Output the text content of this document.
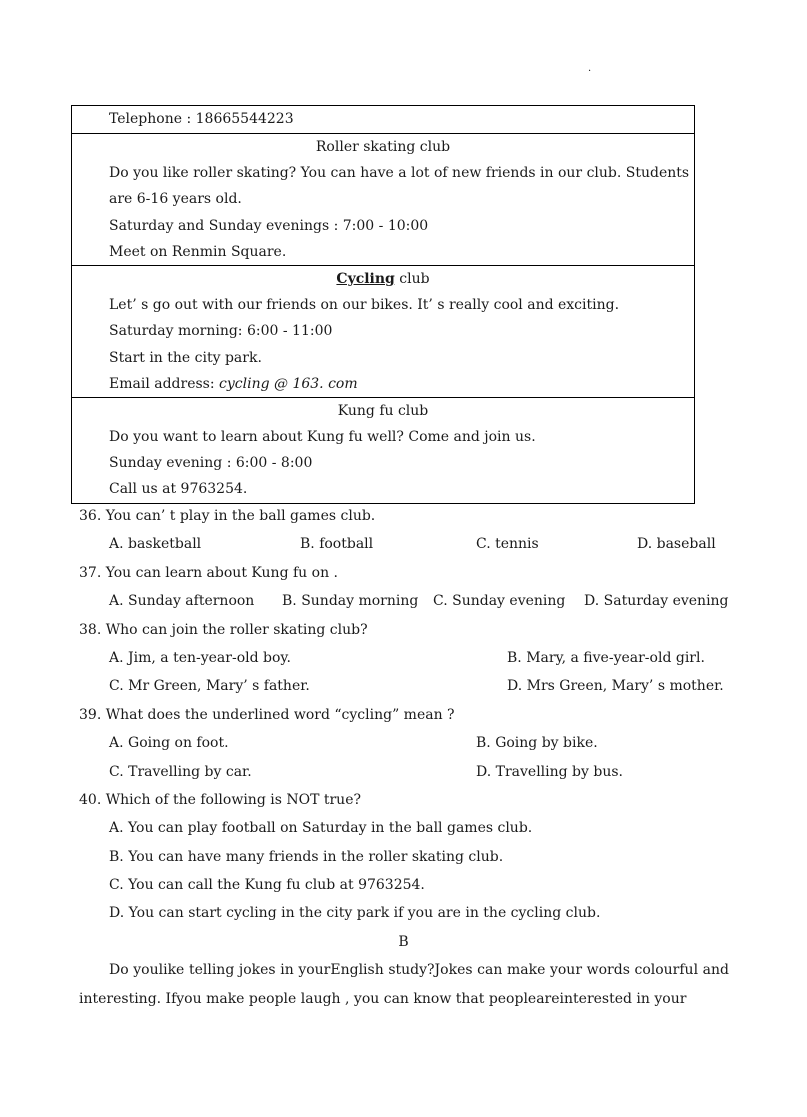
·
Telephone : 18665544223
Roller skating club
Do you like roller skating? You can have a lot of new friends in our club. Students
are 6-16 years old.
Saturday and Sunday evenings : 7:00 - 10:00
Meet on Renmin Square.
Cycling club
Let’ s go out with our friends on our bikes. It’ s really cool and exciting.
Saturday morning: 6:00 - 11:00
Start in the city park.
Email address: cycling @ 163. com
Kung fu club
Do you want to learn about Kung fu well? Come and join us.
Sunday evening : 6:00 - 8:00
Call us at 9763254.
36. You can’ t play in the ball games club.
A. basketball	B. football	C. tennis	D. baseball
37. You can learn about Kung fu on .
A. Sunday afternoon B. Sunday morning C. Sunday evening D. Saturday evening
38. Who can join the roller skating club?
A. Jim, a ten-year-old boy.	B. Mary, a five-year-old girl.
C. Mr Green, Mary’ s father.	D. Mrs Green, Mary’ s mother.
39. What does the underlined word “cycling” mean ?
A. Going on foot.	B. Going by bike.
C. Travelling by car.	D. Travelling by bus.
40. Which of the following is NOT true?
A. You can play football on Saturday in the ball games club.
B. You can have many friends in the roller skating club.
C. You can call the Kung fu club at 9763254.
D. You can start cycling in the city park if you are in the cycling club.
B
Do youlike telling jokes in yourEnglish study?Jokes can make your words colourful and interesting. Ifyou make people laugh , you can know that peopleareinterested in your
